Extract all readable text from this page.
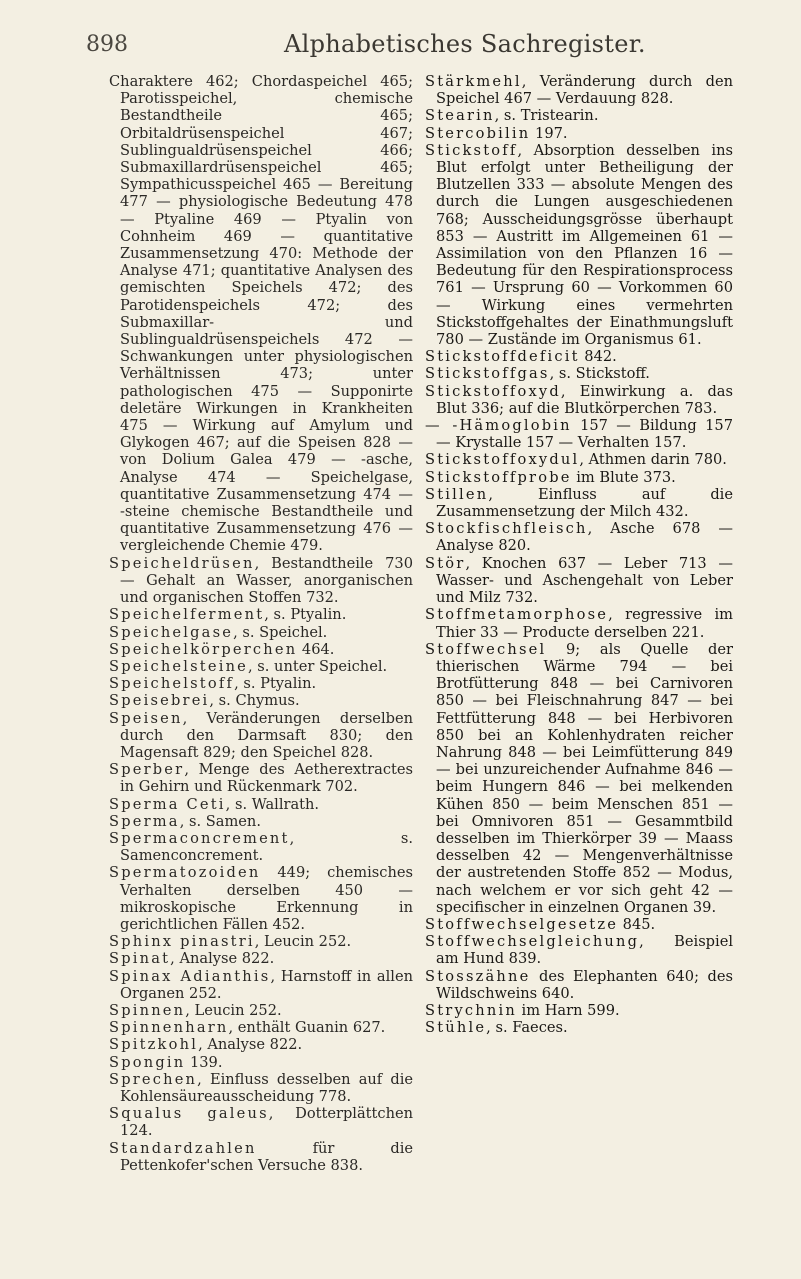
898	Alphabetisches Sachregister.

Charaktere 462; Chordaspeichel 465; Parotisspeichel, chemische Bestandtheile 465; Orbitaldrüsenspeichel 467; Sublingualdrüsenspeichel 466; Submaxillardrüsenspeichel 465; Sympathicusspeichel 465 — Bereitung 477 — physiologische Bedeutung 478 — Ptyaline 469 — Ptyalin von Cohnheim 469 — quantitative Zusammensetzung 470: Methode der Analyse 471; quantitative Analysen des gemischten Speichels 472; des Parotidenspeichels 472; des Submaxillar- und Sublingualdrüsenspeichels 472 — Schwankungen unter physiologischen Verhältnissen 473; unter pathologischen 475 — Supponirte deletäre Wirkungen in Krankheiten 475 — Wirkung auf Amylum und Glykogen 467; auf die Speisen 828 — von Dolium Galea 479 — -asche, Analyse 474 — Speichelgase, quantitative Zusammensetzung 474 — -steine chemische Bestandtheile und quantitative Zusammensetzung 476 — vergleichende Chemie 479.

Speicheldrüsen, Bestandtheile 730 — Gehalt an Wasser, anorganischen und organischen Stoffen 732.

Speichelferment, s. Ptyalin.

Speichelgase, s. Speichel.

Speichelkörperchen 464.

Speichelsteine, s. unter Speichel.

Speichelstoff, s. Ptyalin.

Speisebrei, s. Chymus.

Speisen, Veränderungen derselben durch den Darmsaft 830; den Magensaft 829; den Speichel 828.

Sperber, Menge des Aetherextractes in Gehirn und Rückenmark 702.

Sperma Ceti, s. Wallrath.

Sperma, s. Samen.

Spermaconcrement, s. Samenconcrement.

Spermatozoiden 449; chemisches Verhalten derselben 450 — mikroskopische Erkennung in gerichtlichen Fällen 452.

Sphinx pinastri, Leucin 252.

Spinat, Analyse 822.

Spinax Adianthis, Harnstoff in allen Organen 252.

Spinnen, Leucin 252.

Spinnenharn, enthält Guanin 627.

Spitzkohl, Analyse 822.

Spongin 139.

Sprechen, Einfluss desselben auf die Kohlensäureausscheidung 778.

Squalus galeus, Dotterplättchen 124.

Standardzahlen für die Pettenkofer'schen Versuche 838.

Stärkmehl, Veränderung durch den Speichel 467 — Verdauung 828.

Stearin, s. Tristearin.

Stercobilin 197.

Stickstoff, Absorption desselben ins Blut erfolgt unter Betheiligung der Blutzellen 333 — absolute Mengen des durch die Lungen ausgeschiedenen 768; Ausscheidungsgrösse überhaupt 853 — Austritt im Allgemeinen 61 — Assimilation von den Pflanzen 16 — Bedeutung für den Respirationsprocess 761 — Ursprung 60 — Vorkommen 60 — Wirkung eines vermehrten Stickstoffgehaltes der Einathmungsluft 780 — Zustände im Organismus 61.

Stickstoffdeficit 842.

Stickstoffgas, s. Stickstoff.

Stickstoffoxyd, Einwirkung a. das Blut 336; auf die Blutkörperchen 783.

— -Hämoglobin 157 — Bildung 157 — Krystalle 157 — Verhalten 157.

Stickstoffoxydul, Athmen darin 780.

Stickstoffprobe im Blute 373.

Stillen, Einfluss auf die Zusammensetzung der Milch 432.

Stockfischfleisch, Asche 678 — Analyse 820.

Stör, Knochen 637 — Leber 713 — Wasser- und Aschengehalt von Leber und Milz 732.

Stoffmetamorphose, regressive im Thier 33 — Producte derselben 221.

Stoffwechsel 9; als Quelle der thierischen Wärme 794 — bei Brotfütterung 848 — bei Carnivoren 850 — bei Fleischnahrung 847 — bei Fettfütterung 848 — bei Herbivoren 850 bei an Kohlenhydraten reicher Nahrung 848 — bei Leimfütterung 849 — bei unzureichender Aufnahme 846 — beim Hungern 846 — bei melkenden Kühen 850 — beim Menschen 851 — bei Omnivoren 851 — Gesammtbild desselben im Thierkörper 39 — Maass desselben 42 — Mengenverhältnisse der austretenden Stoffe 852 — Modus, nach welchem er vor sich geht 42 — specifischer in einzelnen Organen 39.

Stoffwechselgesetze 845.

Stoffwechselgleichung, Beispiel am Hund 839.

Stosszähne des Elephanten 640; des Wildschweins 640.

Strychnin im Harn 599.

Stühle, s. Faeces.
